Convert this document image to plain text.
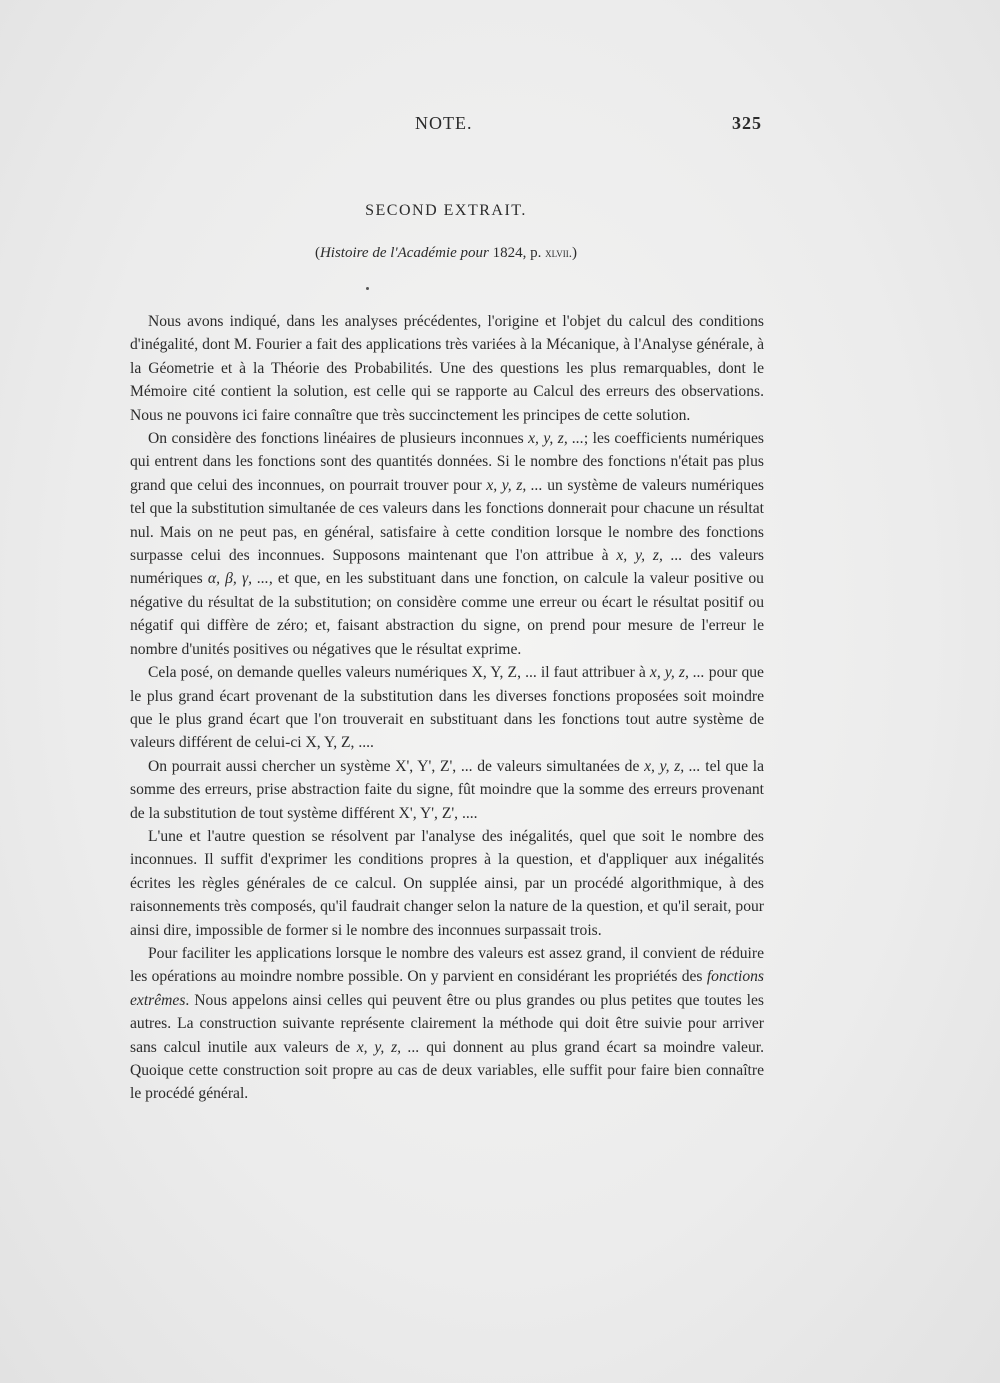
NOTE.	325
SECOND EXTRAIT.
(Histoire de l'Académie pour 1824, p. xlvii.)

Nous avons indiqué, dans les analyses précédentes, l'origine et l'objet du calcul des conditions d'inégalité, dont M. Fourier a fait des applications très variées à la Mécanique, à l'Analyse générale, à la Géometrie et à la Théorie des Probabilités. Une des questions les plus remarquables, dont le Mémoire cité contient la solution, est celle qui se rapporte au Calcul des erreurs des observations. Nous ne pouvons ici faire connaître que très succinctement les principes de cette solution.

On considère des fonctions linéaires de plusieurs inconnues x, y, z, ...; les coefficients numériques qui entrent dans les fonctions sont des quantités données. Si le nombre des fonctions n'était pas plus grand que celui des inconnues, on pourrait trouver pour x, y, z, ... un système de valeurs numériques tel que la substitution simultanée de ces valeurs dans les fonctions donnerait pour chacune un résultat nul. Mais on ne peut pas, en général, satisfaire à cette condition lorsque le nombre des fonctions surpasse celui des inconnues. Supposons maintenant que l'on attribue à x, y, z, ... des valeurs numériques α, β, γ, ..., et que, en les substituant dans une fonction, on calcule la valeur positive ou négative du résultat de la substitution; on considère comme une erreur ou écart le résultat positif ou négatif qui diffère de zéro; et, faisant abstraction du signe, on prend pour mesure de l'erreur le nombre d'unités positives ou négatives que le résultat exprime.

Cela posé, on demande quelles valeurs numériques X, Y, Z, ... il faut attribuer à x, y, z, ... pour que le plus grand écart provenant de la substitution dans les diverses fonctions proposées soit moindre que le plus grand écart que l'on trouverait en substituant dans les fonctions tout autre système de valeurs différent de celui-ci X, Y, Z, ....

On pourrait aussi chercher un système X', Y', Z', ... de valeurs simultanées de x, y, z, ... tel que la somme des erreurs, prise abstraction faite du signe, fût moindre que la somme des erreurs provenant de la substitution de tout système différent X', Y', Z', ....

L'une et l'autre question se résolvent par l'analyse des inégalités, quel que soit le nombre des inconnues. Il suffit d'exprimer les conditions propres à la question, et d'appliquer aux inégalités écrites les règles générales de ce calcul. On supplée ainsi, par un procédé algorithmique, à des raisonnements très composés, qu'il faudrait changer selon la nature de la question, et qu'il serait, pour ainsi dire, impossible de former si le nombre des inconnues surpassait trois.

Pour faciliter les applications lorsque le nombre des valeurs est assez grand, il convient de réduire les opérations au moindre nombre possible. On y parvient en considérant les propriétés des fonctions extrêmes. Nous appelons ainsi celles qui peuvent être ou plus grandes ou plus petites que toutes les autres. La construction suivante représente clairement la méthode qui doit être suivie pour arriver sans calcul inutile aux valeurs de x, y, z, ... qui donnent au plus grand écart sa moindre valeur. Quoique cette construction soit propre au cas de deux variables, elle suffit pour faire bien connaître le procédé général.
